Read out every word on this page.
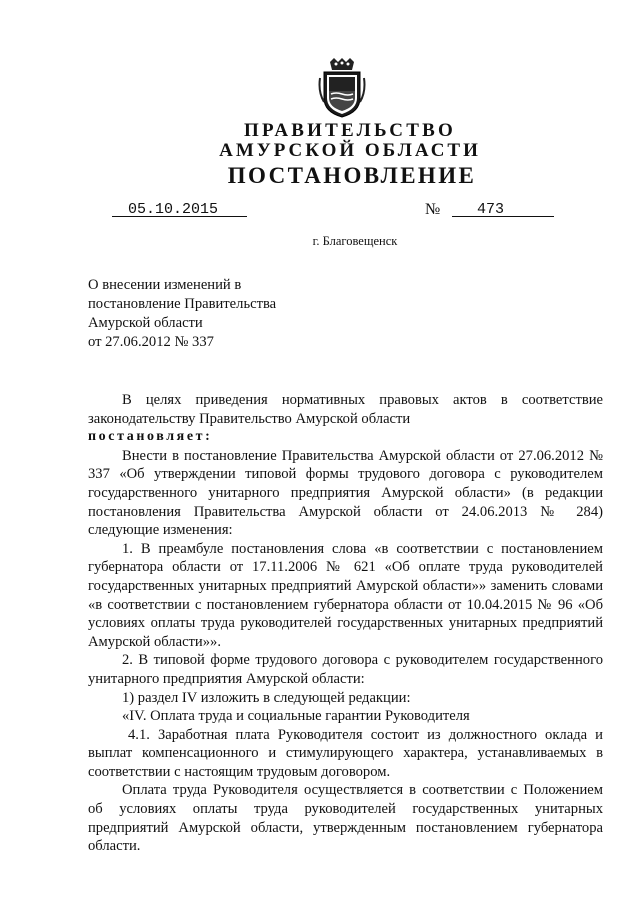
ПРАВИТЕЛЬСТВО
АМУРСКОЙ ОБЛАСТИ
ПОСТАНОВЛЕНИЕ
05.10.2015	№ 473
г. Благовещенск
О внесении изменений в
постановление Правительства
Амурской области
от 27.06.2012 № 337

В целях приведения нормативных правовых актов в соответствие законодательству Правительство Амурской области

постановляет:

Внести в постановление Правительства Амурской области от 27.06.2012 № 337 «Об утверждении типовой формы трудового договора с руководителем государственного унитарного предприятия Амурской области» (в редакции постановления Правительства Амурской области от 24.06.2013 № 284) следующие изменения:

1. В преамбуле постановления слова «в соответствии с постановлением губернатора области от 17.11.2006 № 621 «Об оплате труда руководителей государственных унитарных предприятий Амурской области»» заменить словами «в соответствии с постановлением губернатора области от 10.04.2015 № 96 «Об условиях оплаты труда руководителей государственных унитарных предприятий Амурской области»».

2. В типовой форме трудового договора с руководителем государственного унитарного предприятия Амурской области:

1) раздел IV изложить в следующей редакции:

«IV. Оплата труда и социальные гарантии Руководителя

4.1. Заработная плата Руководителя состоит из должностного оклада и выплат компенсационного и стимулирующего характера, устанавливаемых в соответствии с настоящим трудовым договором.

Оплата труда Руководителя осуществляется в соответствии с Положением об условиях оплаты труда руководителей государственных унитарных предприятий Амурской области, утвержденным постановлением губернатора области.
